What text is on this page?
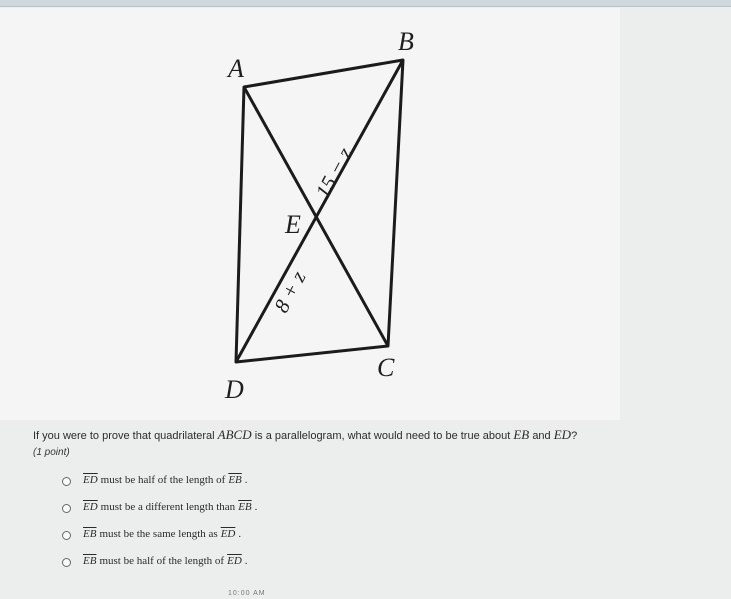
A
B
C
D
E
15 − z
8 + z
If you were to prove that quadrilateral ABCD is a parallelogram, what would need to be true about EB and ED?
(1 point)
$\overline{ED}$ must be half of the length of $\overline{EB}$ .
$\overline{ED}$ must be a different length than $\overline{EB}$ .
$\overline{EB}$ must be the same length as $\overline{ED}$ .
$\overline{EB}$ must be half of the length of $\overline{ED}$ .
10:00 AM
